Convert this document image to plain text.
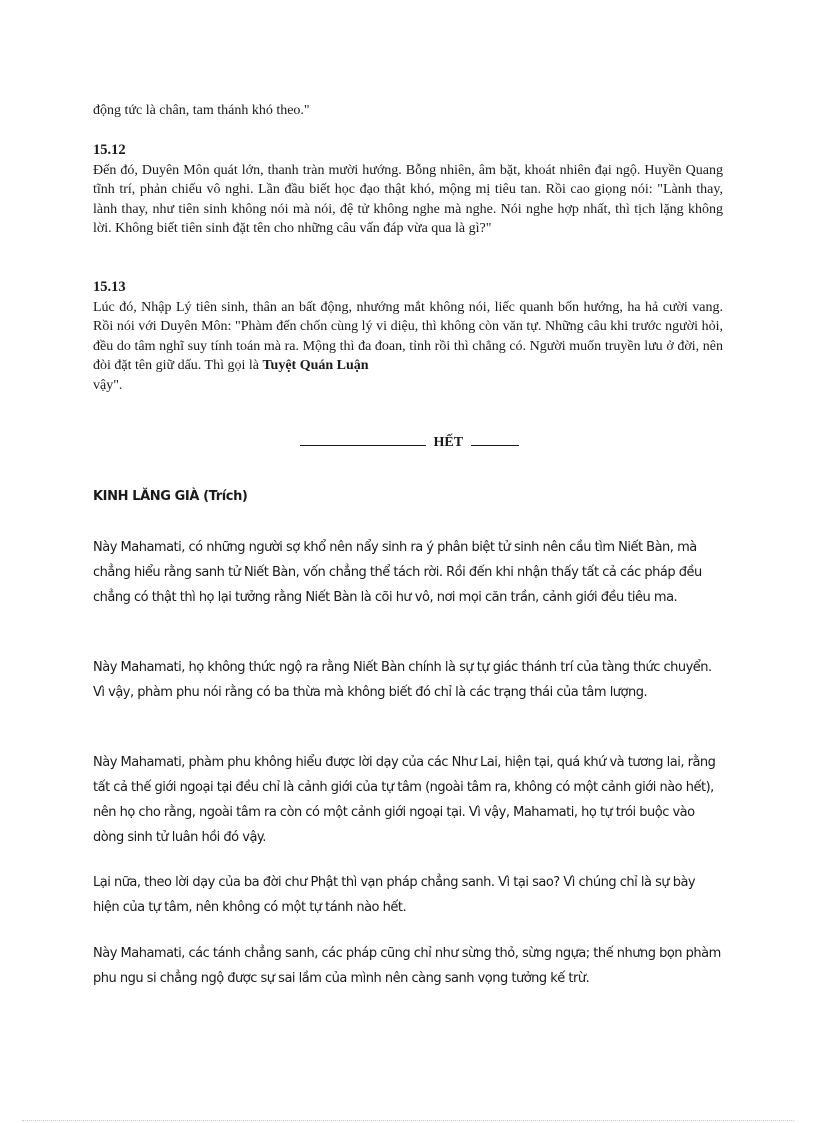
động tức là chân, tam thánh khó theo."
15.12

Đến đó, Duyên Môn quát lớn, thanh tràn mười hướng. Bỗng nhiên, âm bặt, khoát nhiên đại ngộ. Huyền Quang tĩnh trí, phản chiếu vô nghi. Lần đầu biết học đạo thật khó, mộng mị tiêu tan. Rồi cao giọng nói: "Lành thay, lành thay, như tiên sinh không nói mà nói, đệ tử không nghe mà nghe. Nói nghe hợp nhất, thì tịch lặng không lời. Không biết tiên sinh đặt tên cho những câu vấn đáp vừa qua là gì?"

15.13

Lúc đó, Nhập Lý tiên sinh, thân an bất động, nhướng mắt không nói, liếc quanh bốn hướng, ha hả cười vang. Rồi nói với Duyên Môn: "Phàm đến chốn cùng lý vi diệu, thì không còn văn tự. Những câu khi trước người hỏi, đều do tâm nghĩ suy tính toán mà ra. Mộng thì đa đoan, tỉnh rồi thì chẳng có. Người muốn truyền lưu ở đời, nên đòi đặt tên giữ dấu. Thì gọi là Tuyệt Quán Luận
vậy".

HẾT
KINH LĂNG GIÀ (Trích)
Này Mahamati, có những người sợ khổ nên nẩy sinh ra ý phân biệt tử sinh nên cầu tìm Niết Bàn, mà chẳng hiểu rằng sanh tử Niết Bàn, vốn chẳng thể tách rời. Rồi đến khi nhận thấy tất cả các pháp đều chẳng có thật thì họ lại tưởng rằng Niết Bàn là cõi hư vô, nơi mọi căn trần, cảnh giới đều tiêu ma.
Này Mahamati, họ không thức ngộ ra rằng Niết Bàn chính là sự tự giác thánh trí của tàng thức chuyển. Vì vậy, phàm phu nói rằng có ba thừa mà không biết đó chỉ là các trạng thái của tâm lượng.
Này Mahamati, phàm phu không hiểu được lời dạy của các Như Lai, hiện tại, quá khứ và tương lai, rằng tất cả thế giới ngoại tại đều chỉ là cảnh giới của tự tâm (ngoài tâm ra, không có một cảnh giới nào hết), nên họ cho rằng, ngoài tâm ra còn có một cảnh giới ngoại tại. Vì vậy, Mahamati, họ tự trói buộc vào dòng sinh tử luân hồi đó vậy.
Lại nữa, theo lời dạy của ba đời chư Phật thì vạn pháp chẳng sanh. Vì tại sao? Vì chúng chỉ là sự bày hiện của tự tâm, nên không có một tự tánh nào hết.
Này Mahamati, các tánh chẳng sanh, các pháp cũng chỉ như sừng thỏ, sừng ngựa; thế nhưng bọn phàm phu ngu si chẳng ngộ được sự sai lầm của mình nên càng sanh vọng tưởng kế trừ.
